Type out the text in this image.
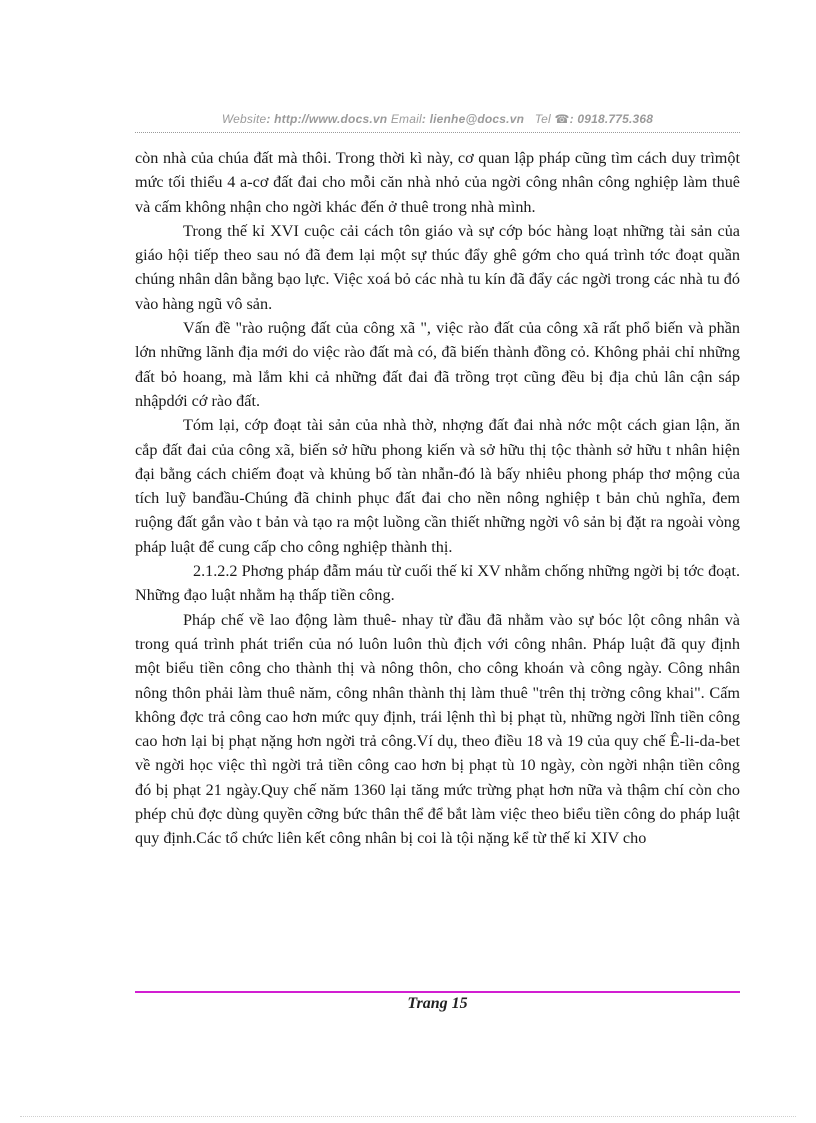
Website: http://www.docs.vn Email: lienhe@docs.vn Tel ☎: 0918.775.368

còn nhà của chúa đất mà thôi. Trong thời kì này, cơ quan lập pháp cũng tìm cách duy trìmột mức tối thiểu 4 a-cơ đất đai cho mỗi căn nhà nhỏ của ngời công nhân công nghiệp làm thuê và cấm không nhận cho ngời khác đến ở thuê trong nhà mình.

Trong thế kỉ XVI cuộc cải cách tôn giáo và sự cớp bóc hàng loạt những tài sản của giáo hội tiếp theo sau nó đã đem lại một sự thúc đẩy ghê gớm cho quá trình tớc đoạt quần chúng nhân dân bằng bạo lực. Việc xoá bỏ các nhà tu kín đã đẩy các ngời trong các nhà tu đó vào hàng ngũ vô sản.

Vấn đề "rào ruộng đất của công xã ", việc rào đất của công xã rất phổ biến và phần lớn những lãnh địa mới do việc rào đất mà có, đã biến thành đồng cỏ. Không phải chỉ những đất bỏ hoang, mà lắm khi cả những đất đai đã trồng trọt cũng đều bị địa chủ lân cận sáp nhậpdới cớ rào đất.

Tóm lại, cớp đoạt tài sản của nhà thờ, nhợng đất đai nhà nớc một cách gian lận, ăn cắp đất đai của công xã, biến sở hữu phong kiến và sở hữu thị tộc thành sở hữu t nhân hiện đại bằng cách chiếm đoạt và khủng bố tàn nhẫn-đó là bấy nhiêu phong pháp thơ mộng của tích luỹ banđầu-Chúng đã chinh phục đất đai cho nền nông nghiệp t bản chủ nghĩa, đem ruộng đất gắn vào t bản và tạo ra một luồng cần thiết những ngời vô sản bị đặt ra ngoài vòng pháp luật để cung cấp cho công nghiệp thành thị.

2.1.2.2 Phơng pháp đẫm máu từ cuối thế kỉ XV nhằm chống những ngời bị tớc đoạt. Những đạo luật nhằm hạ thấp tiền công.

Pháp chế về lao động làm thuê- nhay từ đầu đã nhằm vào sự bóc lột công nhân và trong quá trình phát triển của nó luôn luôn thù địch với công nhân. Pháp luật đã quy định một biểu tiền công cho thành thị và nông thôn, cho công khoán và công ngày. Công nhân nông thôn phải làm thuê năm, công nhân thành thị làm thuê "trên thị trờng công khai". Cấm không đợc trả công cao hơn mức quy định, trái lệnh thì bị phạt tù, những ngời lĩnh tiền công cao hơn lại bị phạt nặng hơn ngời trả công.Ví dụ, theo điều 18 và 19 của quy chế Ê-li-da-bet về ngời học việc thì ngời trả tiền công cao hơn bị phạt tù 10 ngày, còn ngời nhận tiền công đó bị phạt 21 ngày.Quy chế năm 1360 lại tăng mức trừng phạt hơn nữa và thậm chí còn cho phép chủ đợc dùng quyền cỡng bức thân thể để bắt làm việc theo biểu tiền công do pháp luật quy định.Các tổ chức liên kết công nhân bị coi là tội nặng kể từ thế kỉ XIV cho

Trang 15
